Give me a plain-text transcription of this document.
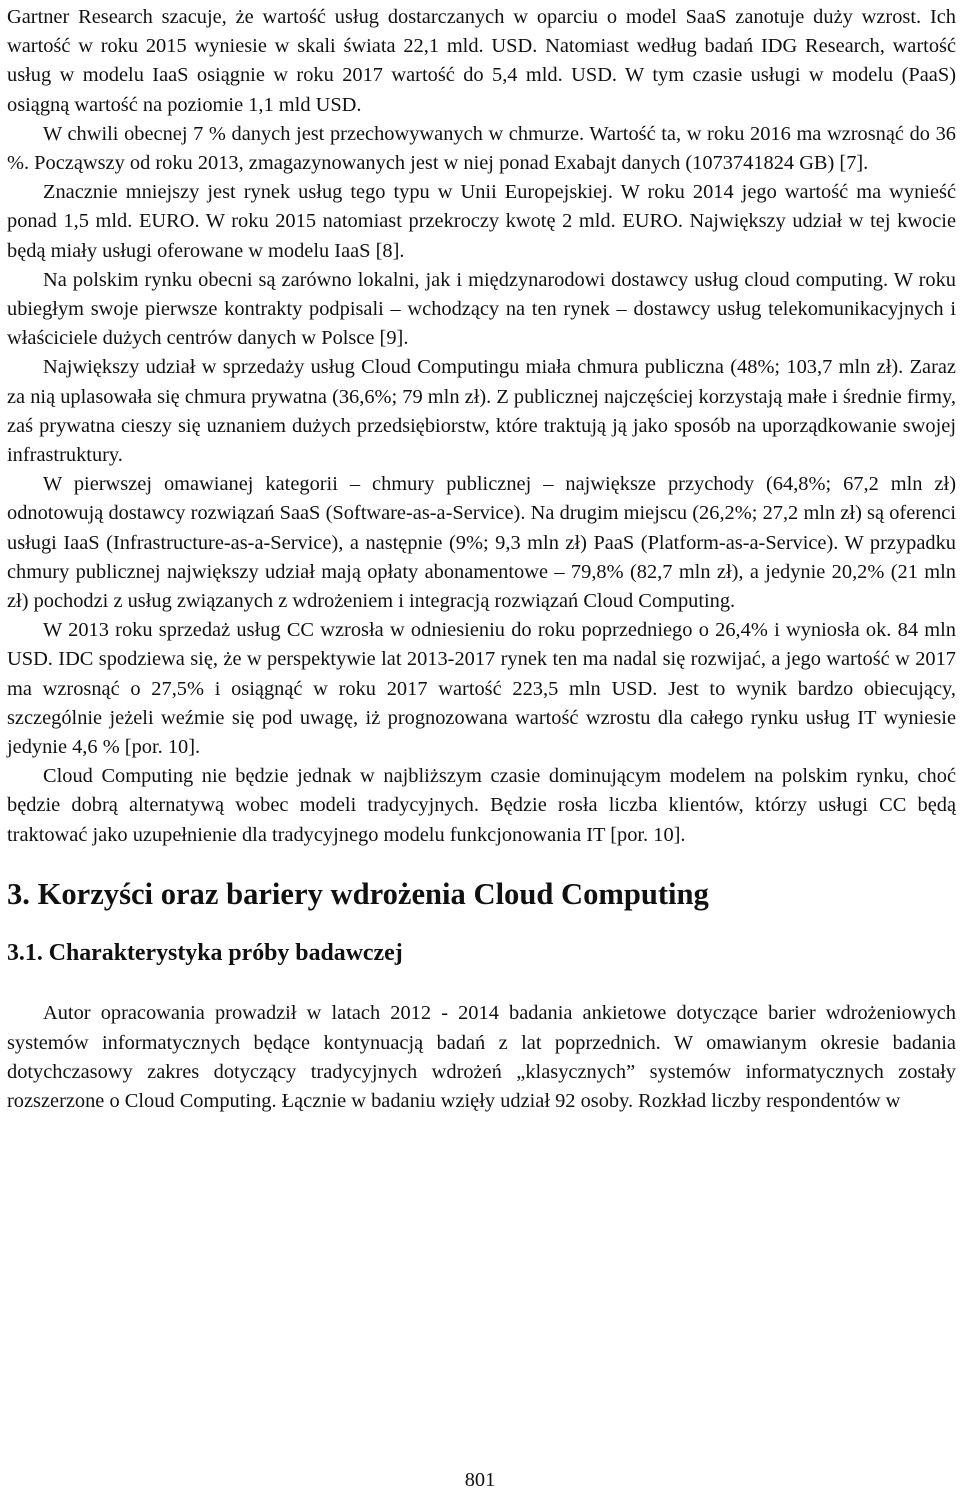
Gartner Research szacuje, że wartość usług dostarczanych w oparciu o model SaaS zanotuje duży wzrost. Ich wartość w roku 2015 wyniesie w skali świata 22,1 mld. USD. Natomiast według badań IDG Research, wartość usług w modelu IaaS osiągnie w roku 2017 wartość do 5,4 mld. USD. W tym czasie usługi w modelu (PaaS) osiągną wartość na poziomie 1,1 mld USD.

W chwili obecnej 7 % danych jest przechowywanych w chmurze. Wartość ta, w roku 2016 ma wzrosnąć do 36 %. Począwszy od roku 2013, zmagazynowanych jest w niej ponad Exabajt danych (1073741824 GB) [7].

Znacznie mniejszy jest rynek usług tego typu w Unii Europejskiej. W roku 2014 jego wartość ma wynieść ponad 1,5 mld. EURO. W roku 2015 natomiast przekroczy kwotę 2 mld. EURO. Największy udział w tej kwocie będą miały usługi oferowane w modelu IaaS [8].

Na polskim rynku obecni są zarówno lokalni, jak i międzynarodowi dostawcy usług cloud computing. W roku ubiegłym swoje pierwsze kontrakty podpisali – wchodzący na ten rynek – dostawcy usług telekomunikacyjnych i właściciele dużych centrów danych w Polsce [9].

Największy udział w sprzedaży usług Cloud Computingu miała chmura publiczna (48%; 103,7 mln zł). Zaraz za nią uplasowała się chmura prywatna (36,6%; 79 mln zł). Z publicznej najczęściej korzystają małe i średnie firmy, zaś prywatna cieszy się uznaniem dużych przedsiębiorstw, które traktują ją jako sposób na uporządkowanie swojej infrastruktury.

W pierwszej omawianej kategorii – chmury publicznej – największe przychody (64,8%; 67,2 mln zł) odnotowują dostawcy rozwiązań SaaS (Software-as-a-Service). Na drugim miejscu (26,2%; 27,2 mln zł) są oferenci usługi IaaS (Infrastructure-as-a-Service), a następnie (9%; 9,3 mln zł) PaaS (Platform-as-a-Service). W przypadku chmury publicznej największy udział mają opłaty abonamentowe – 79,8% (82,7 mln zł), a jedynie 20,2% (21 mln zł) pochodzi z usług związanych z wdrożeniem i integracją rozwiązań Cloud Computing.

W 2013 roku sprzedaż usług CC wzrosła w odniesieniu do roku poprzedniego o 26,4% i wyniosła ok. 84 mln USD. IDC spodziewa się, że w perspektywie lat 2013-2017 rynek ten ma nadal się rozwijać, a jego wartość w 2017 ma wzrosnąć o 27,5% i osiągnąć w roku 2017 wartość 223,5 mln USD. Jest to wynik bardzo obiecujący, szczególnie jeżeli weźmie się pod uwagę, iż prognozowana wartość wzrostu dla całego rynku usług IT wyniesie jedynie 4,6 % [por. 10].

Cloud Computing nie będzie jednak w najbliższym czasie dominującym modelem na polskim rynku, choć będzie dobrą alternatywą wobec modeli tradycyjnych. Będzie rosła liczba klientów, którzy usługi CC będą traktować jako uzupełnienie dla tradycyjnego modelu funkcjonowania IT [por. 10].

3. Korzyści oraz bariery wdrożenia Cloud Computing
3.1. Charakterystyka próby badawczej

Autor opracowania prowadził w latach 2012 - 2014 badania ankietowe dotyczące barier wdrożeniowych systemów informatycznych będące kontynuacją badań z lat poprzednich. W omawianym okresie badania dotychczasowy zakres dotyczący tradycyjnych wdrożeń „klasycznych” systemów informatycznych zostały rozszerzone o Cloud Computing. Łącznie w badaniu wzięły udział 92 osoby. Rozkład liczby respondentów w

801
